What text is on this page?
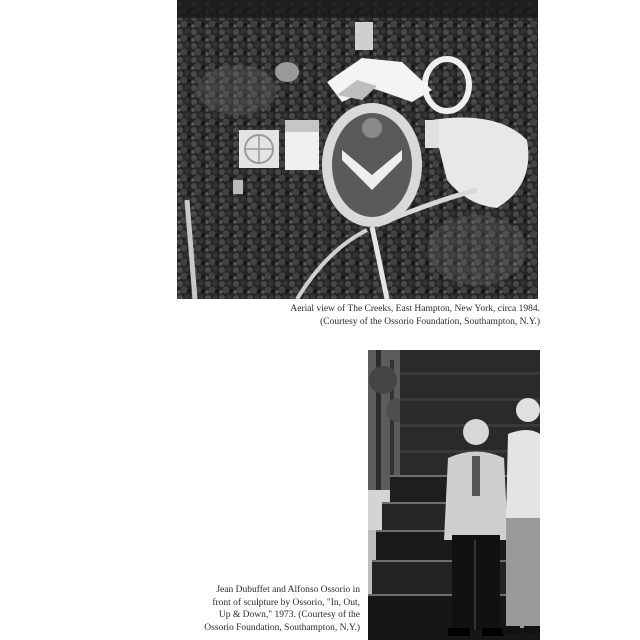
Aerial view of The Creeks, East Hampton, New York, circa 1984.
(Courtesy of the Ossorio Foundation, Southampton, N.Y.)
Jean Dubuffet and Alfonso Ossorio in
front of sculpture by Ossorio, "In, Out,
Up & Down," 1973. (Courtesy of the
Ossorio Foundation, Southampton, N.Y.)
